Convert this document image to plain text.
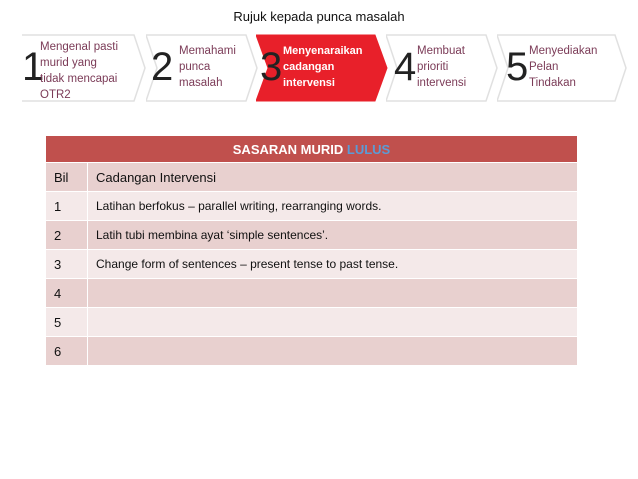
Rujuk kepada punca masalah
1
Mengenal pasti
murid yang
tidak mencapai
OTR2
2 Memahami
punca
masalah 3 Menyenaraikan
cadangan
intervensi	4 Membuat
prioriti
intervensi 5 Menyediakan
Pelan
Tindakan
SASARAN MURID LULUS	
Bil	Cadangan Intervensi
1	Latihan berfokus – parallel writing, rearranging words.
2	Latih tubi membina ayat ‘simple sentences’.
3	Change form of sentences – present tense to past tense.
4	
5	
6	
